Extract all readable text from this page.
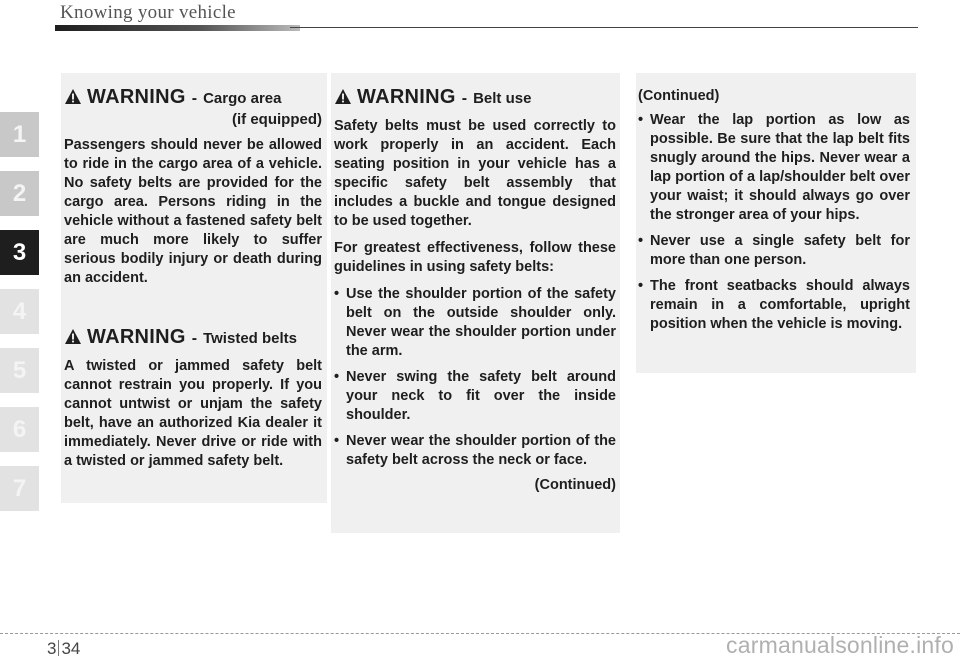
Knowing your vehicle
1
2
3
4
5
6
7
WARNING - Cargo area
(if equipped)

Passengers should never be allowed to ride in the cargo area of a vehicle. No safety belts are provided for the cargo area. Persons riding in the vehicle without a fastened safety belt are much more likely to suffer serious bodily injury or death during an accident.

WARNING - Twisted belts

A twisted or jammed safety belt cannot restrain you properly. If you cannot untwist or unjam the safety belt, have an authorized Kia dealer it immediately. Never drive or ride with a twisted or jammed safety belt.

WARNING - Belt use

Safety belts must be used correctly to work properly in an accident. Each seating position in your vehicle has a specific safety belt assembly that includes a buckle and tongue designed to be used together.

For greatest effectiveness, follow these guidelines in using safety belts:

• Use the shoulder portion of the safety belt on the outside shoulder only. Never wear the shoulder portion under the arm.
• Never swing the safety belt around your neck to fit over the inside shoulder.
• Never wear the shoulder portion of the safety belt across the neck or face.
(Continued)
(Continued)
• Wear the lap portion as low as possible. Be sure that the lap belt fits snugly around the hips. Never wear a lap portion of a lap/shoulder belt over your waist; it should always go over the stronger area of your hips.
• Never use a single safety belt for more than one person.
• The front seatbacks should always remain in a comfortable, upright position when the vehicle is moving.
3 34	carmanualsonline.info
